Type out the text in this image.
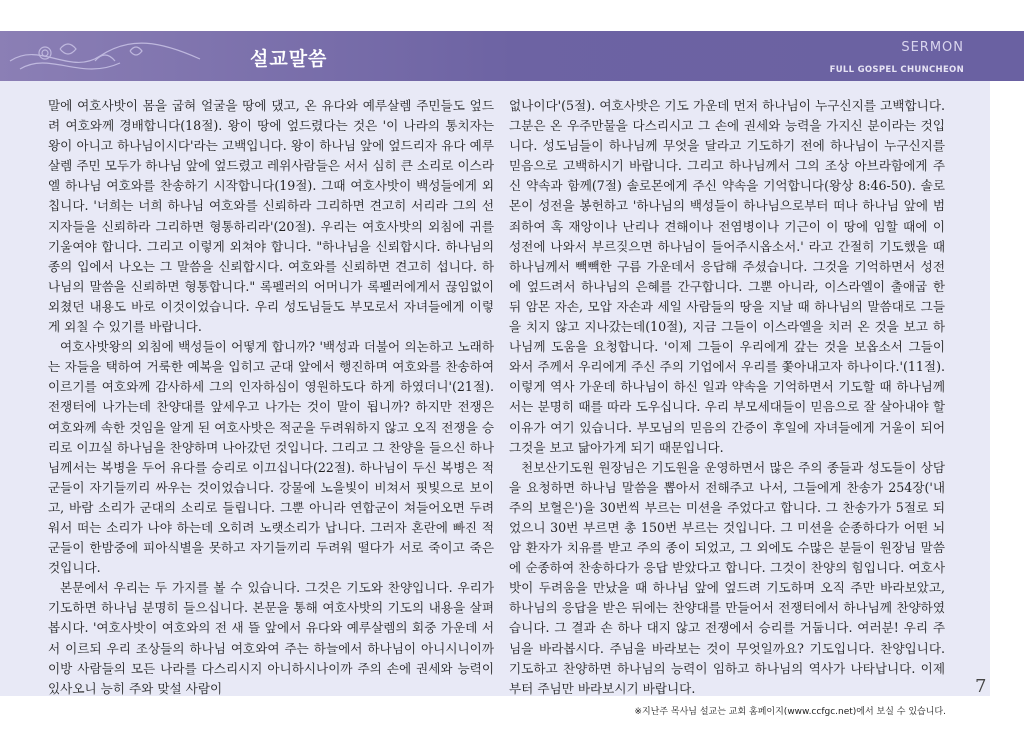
설교말씀
SERMON
FULL GOSPEL CHUNCHEON

말에 여호사밧이 몸을 굽혀 얼굴을 땅에 댔고, 온 유다와 예루살렘 주민들도 엎드려 여호와께 경배합니다(18절). 왕이 땅에 엎드렸다는 것은 '이 나라의 통치자는 왕이 아니고 하나님이시다'라는 고백입니다. 왕이 하나님 앞에 엎드리자 유다 예루살렘 주민 모두가 하나님 앞에 엎드렸고 레위사람들은 서서 심히 큰 소리로 이스라엘 하나님 여호와를 찬송하기 시작합니다(19절). 그때 여호사밧이 백성들에게 외칩니다. '너희는 너희 하나님 여호와를 신뢰하라 그리하면 견고히 서리라 그의 선지자들을 신뢰하라 그리하면 형통하리라'(20절). 우리는 여호사밧의 외침에 귀를 기울여야 합니다. 그리고 이렇게 외쳐야 합니다. "하나님을 신뢰합시다. 하나님의 종의 입에서 나오는 그 말씀을 신뢰합시다. 여호와를 신뢰하면 견고히 섭니다. 하나님의 말씀을 신뢰하면 형통합니다." 록펠러의 어머니가 록펠러에게서 끊임없이 외쳤던 내용도 바로 이것이었습니다. 우리 성도님들도 부모로서 자녀들에게 이렇게 외칠 수 있기를 바랍니다.

여호사밧왕의 외침에 백성들이 어떻게 합니까? '백성과 더불어 의논하고 노래하는 자들을 택하여 거룩한 예복을 입히고 군대 앞에서 행진하며 여호와를 찬송하여 이르기를 여호와께 감사하세 그의 인자하심이 영원하도다 하게 하였더니'(21절). 전쟁터에 나가는데 찬양대를 앞세우고 나가는 것이 말이 됩니까? 하지만 전쟁은 여호와께 속한 것임을 알게 된 여호사밧은 적군을 두려워하지 않고 오직 전쟁을 승리로 이끄실 하나님을 찬양하며 나아갔던 것입니다. 그리고 그 찬양을 들으신 하나님께서는 복병을 두어 유다를 승리로 이끄십니다(22절). 하나님이 두신 복병은 적군들이 자기들끼리 싸우는 것이었습니다. 강물에 노을빛이 비쳐서 핏빛으로 보이고, 바람 소리가 군대의 소리로 들립니다. 그뿐 아니라 연합군이 쳐들어오면 두려워서 떠는 소리가 나야 하는데 오히려 노랫소리가 납니다. 그러자 혼란에 빠진 적군들이 한밤중에 피아식별을 못하고 자기들끼리 두려워 떨다가 서로 죽이고 죽은 것입니다.

본문에서 우리는 두 가지를 볼 수 있습니다. 그것은 기도와 찬양입니다. 우리가 기도하면 하나님 분명히 들으십니다. 본문을 통해 여호사밧의 기도의 내용을 살펴봅시다. '여호사밧이 여호와의 전 새 뜰 앞에서 유다와 예루살렘의 회중 가운데 서서 이르되 우리 조상들의 하나님 여호와여 주는 하늘에서 하나님이 아니시니이까 이방 사람들의 모든 나라를 다스리시지 아니하시나이까 주의 손에 권세와 능력이 있사오니 능히 주와 맞설 사람이

없나이다'(5절). 여호사밧은 기도 가운데 먼저 하나님이 누구신지를 고백합니다. 그분은 온 우주만물을 다스리시고 그 손에 권세와 능력을 가지신 분이라는 것입니다. 성도님들이 하나님께 무엇을 달라고 기도하기 전에 하나님이 누구신지를 믿음으로 고백하시기 바랍니다. 그리고 하나님께서 그의 조상 아브라함에게 주신 약속과 함께(7절) 솔로몬에게 주신 약속을 기억합니다(왕상 8:46-50). 솔로몬이 성전을 봉헌하고 '하나님의 백성들이 하나님으로부터 떠나 하나님 앞에 범죄하여 혹 재앙이나 난리나 견해이나 전염병이나 기근이 이 땅에 임할 때에 이 성전에 나와서 부르짖으면 하나님이 들어주시옵소서.' 라고 간절히 기도했을 때 하나님께서 빽빽한 구름 가운데서 응답해 주셨습니다. 그것을 기억하면서 성전에 엎드려서 하나님의 은혜를 간구합니다. 그뿐 아니라, 이스라엘이 출애굽 한 뒤 암몬 자손, 모압 자손과 세일 사람들의 땅을 지날 때 하나님의 말씀대로 그들을 치지 않고 지나갔는데(10절), 지금 그들이 이스라엘을 치러 온 것을 보고 하나님께 도움을 요청합니다. '이제 그들이 우리에게 갚는 것을 보옵소서 그들이 와서 주께서 우리에게 주신 주의 기업에서 우리를 쫓아내고자 하나이다.'(11절). 이렇게 역사 가운데 하나님이 하신 일과 약속을 기억하면서 기도할 때 하나님께서는 분명히 때를 따라 도우십니다. 우리 부모세대들이 믿음으로 잘 살아내야 할 이유가 여기 있습니다. 부모님의 믿음의 간증이 후일에 자녀들에게 거울이 되어 그것을 보고 닮아가게 되기 때문입니다.

천보산기도원 원장님은 기도원을 운영하면서 많은 주의 종들과 성도들이 상담을 요청하면 하나님 말씀을 뽑아서 전해주고 나서, 그들에게 찬송가 254장('내 주의 보혈은')을 30번씩 부르는 미션을 주었다고 합니다. 그 찬송가가 5절로 되었으니 30번 부르면 총 150번 부르는 것입니다. 그 미션을 순종하다가 어떤 뇌암 환자가 치유를 받고 주의 종이 되었고, 그 외에도 수많은 분들이 원장님 말씀에 순종하여 찬송하다가 응답 받았다고 합니다. 그것이 찬양의 힘입니다. 여호사밧이 두려움을 만났을 때 하나님 앞에 엎드려 기도하며 오직 주만 바라보았고, 하나님의 응답을 받은 뒤에는 찬양대를 만들어서 전쟁터에서 하나님께 찬양하였습니다. 그 결과 손 하나 대지 않고 전쟁에서 승리를 거둡니다. 여러분! 우리 주님을 바라봅시다. 주님을 바라보는 것이 무엇일까요? 기도입니다. 찬양입니다. 기도하고 찬양하면 하나님의 능력이 임하고 하나님의 역사가 나타납니다. 이제부터 주님만 바라보시기 바랍니다.	7
※지난주 목사님 설교는 교회 홈페이지(www.ccfgc.net)에서 보실 수 있습니다.
